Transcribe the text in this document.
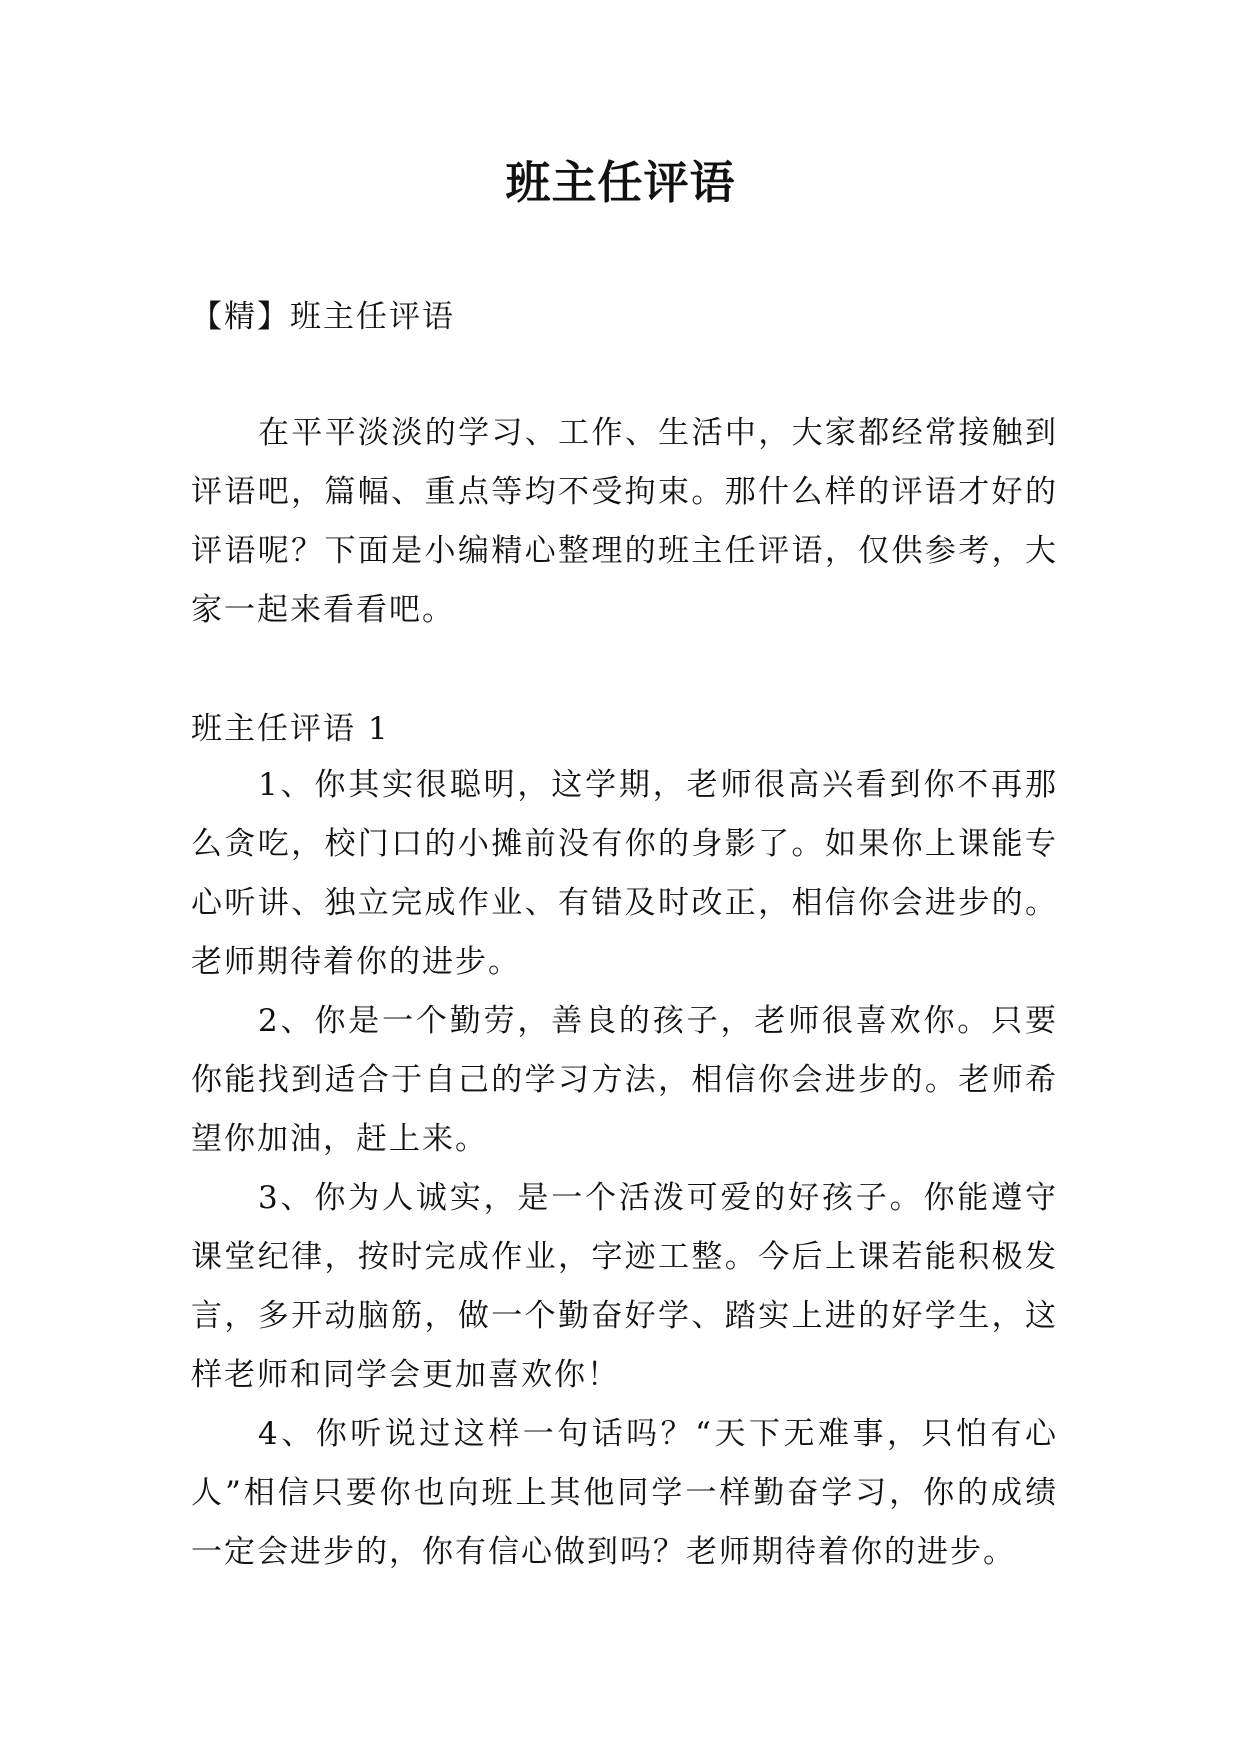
班主任评语
【精】班主任评语
在平平淡淡的学习、工作、生活中，大家都经常接触到
评语吧，篇幅、重点等均不受拘束。那什么样的评语才好的
评语呢？下面是小编精心整理的班主任评语，仅供参考，大
家一起来看看吧。
班主任评语 1
1、你其实很聪明，这学期，老师很高兴看到你不再那
么贪吃，校门口的小摊前没有你的身影了。如果你上课能专
心听讲、独立完成作业、有错及时改正，相信你会进步的。
老师期待着你的进步。
2、你是一个勤劳，善良的孩子，老师很喜欢你。只要
你能找到适合于自己的学习方法，相信你会进步的。老师希
望你加油，赶上来。
3、你为人诚实，是一个活泼可爱的好孩子。你能遵守
课堂纪律，按时完成作业，字迹工整。今后上课若能积极发
言，多开动脑筋，做一个勤奋好学、踏实上进的好学生，这
样老师和同学会更加喜欢你！
4、你听说过这样一句话吗？“天下无难事，只怕有心
人”相信只要你也向班上其他同学一样勤奋学习，你的成绩
一定会进步的，你有信心做到吗？老师期待着你的进步。
